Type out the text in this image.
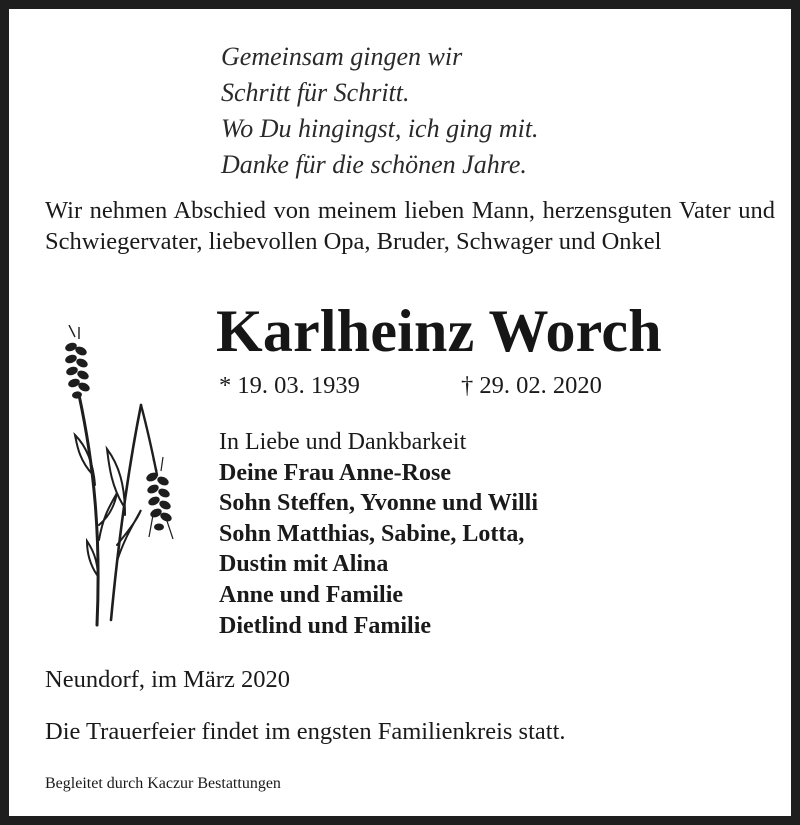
Gemeinsam gingen wir
Schritt für Schritt.
Wo Du hingingst, ich ging mit.
Danke für die schönen Jahre.

Wir nehmen Abschied von meinem lieben Mann, herzensguten Vater und Schwiegervater, liebevollen Opa, Bruder, Schwager und Onkel

Karlheinz Worch
* 19. 03. 1939	† 29. 02. 2020
In Liebe und Dankbarkeit
Deine Frau Anne-Rose
Sohn Steffen, Yvonne und Willi
Sohn Matthias, Sabine, Lotta,
Dustin mit Alina
Anne und Familie
Dietlind und Familie
Neundorf, im März 2020
Die Trauerfeier findet im engsten Familienkreis statt.
Begleitet durch Kaczur Bestattungen
